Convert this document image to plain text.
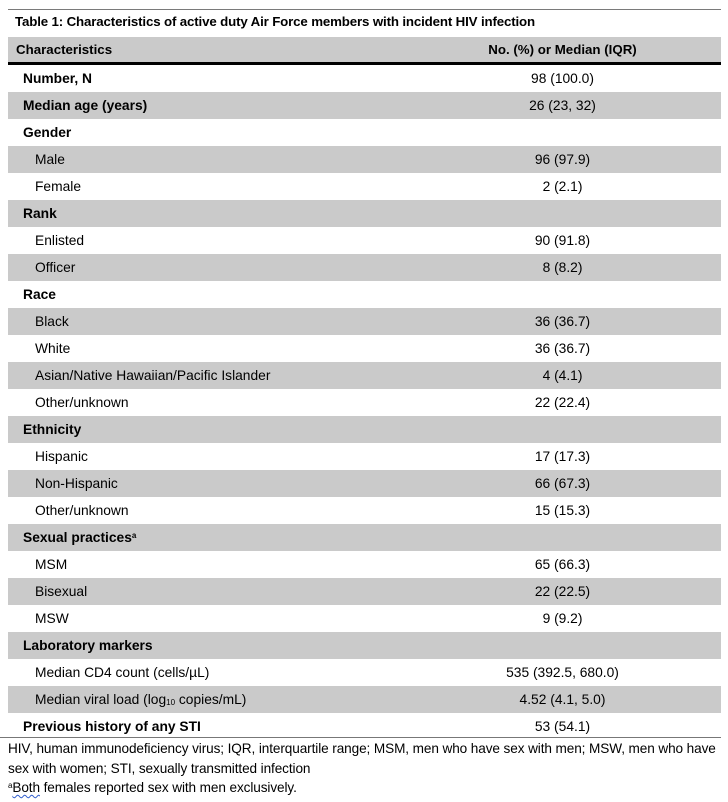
Table 1: Characteristics of active duty Air Force members with incident HIV infection
Characteristics	No. (%) or Median (IQR)
Number, N	98 (100.0)
Median age (years)	26 (23, 32)
Gender
Male	96 (97.9)
Female	2 (2.1)
Rank
Enlisted	90 (91.8)
Officer	8 (8.2)
Race
Black	36 (36.7)
White	36 (36.7)
Asian/Native Hawaiian/Pacific Islander	4 (4.1)
Other/unknown	22 (22.4)
Ethnicity
Hispanic	17 (17.3)
Non-Hispanic	66 (67.3)
Other/unknown	15 (15.3)
Sexual practices$^a$
MSM	65 (66.3)
Bisexual	22 (22.5)
MSW	9 (9.2)
Laboratory markers
Median CD4 count (cells/µL)	535 (392.5, 680.0)
Median viral load ($\log_{10}$ copies/mL)	4.52 (4.1, 5.0)
Previous history of any STI	53 (54.1)
HIV, human immunodeficiency virus; IQR, interquartile range; MSM, men who have sex with men; MSW, men who have sex with women; STI, sexually transmitted infection
$^a$Both females reported sex with men exclusively.
